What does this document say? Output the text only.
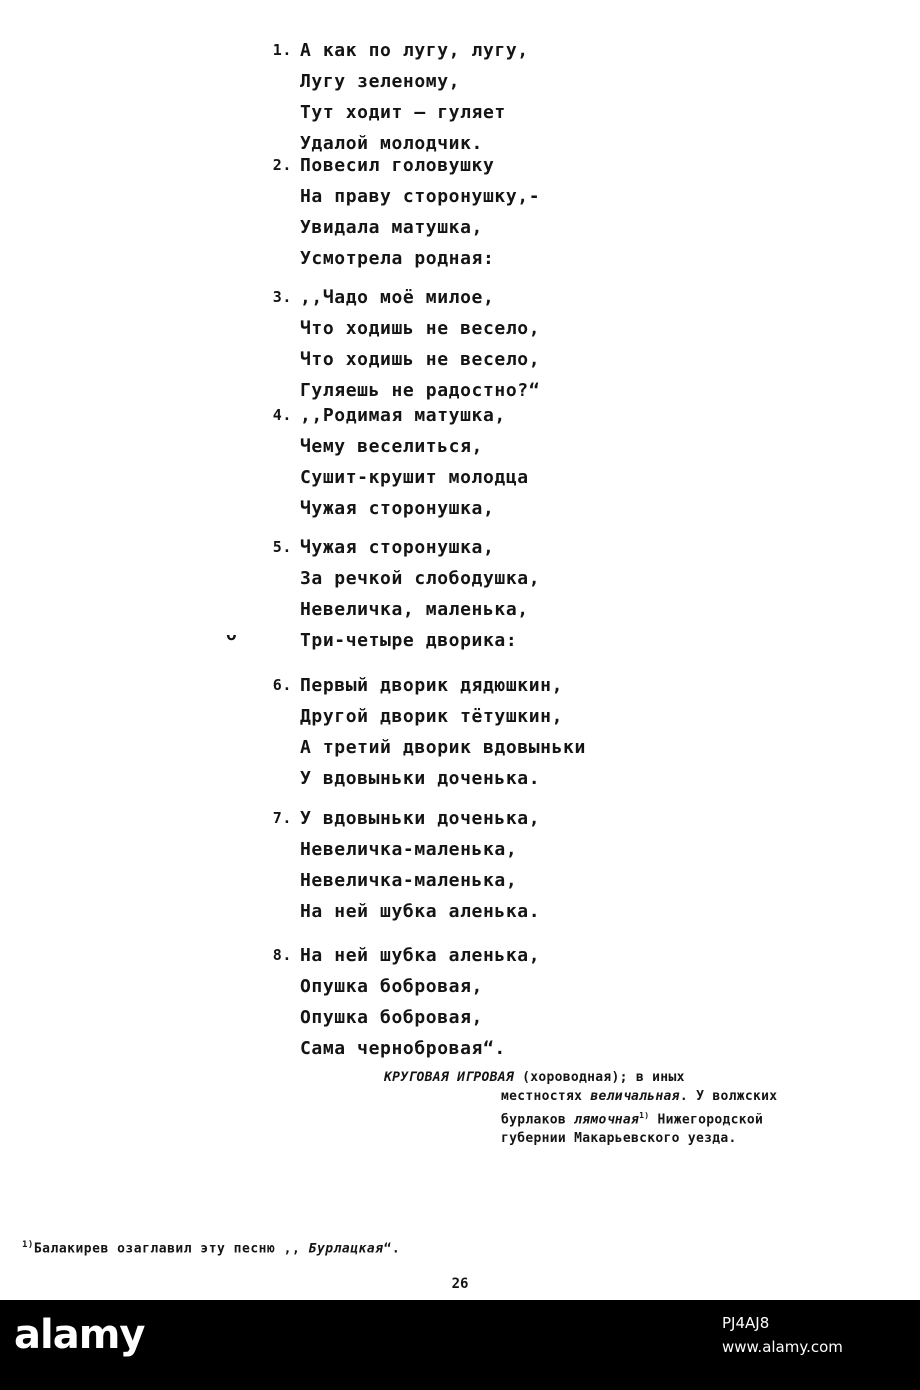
1. А как по лугу, лугу,
Лугу зеленому,
Тут ходит – гуляет
Удалой молодчик.
2. Повесил головушку
На праву сторонушку,-
Увидала матушка,
Усмотрела родная:
3. ,,Чадо моё милое,
Что ходишь не весело,
Что ходишь не весело,
Гуляешь не радостно?“
4. ,,Родимая матушка,
Чему веселиться,
Сушит-крушит молодца
Чужая сторонушка,
5. Чужая сторонушка,
За речкой слободушка,
Невеличка, маленька,
Три-четыре дворика:
6. Первый дворик дядюшкин,
Другой дворик тётушкин,
А третий дворик вдовыньки
У вдовыньки доченька.
7. У вдовыньки доченька,
Невеличка-маленька,
Невеличка-маленька,
На ней шубка аленька.
8. На ней шубка аленька,
Опушка бобровая,
Опушка бобровая,
Сама чернобровая“.
ᴗ
КРУГОВАЯ ИГРОВАЯ (хороводная); в иных
местностях величальная. У волжских
бурлаков лямочная$^{1)}$ Нижегородской
губернии Макарьевского уезда.
$^{1)}$Балакирев озаглавил эту песню ,, Бурлацкая“.
26
alamy	PJ4AJ8
www.alamy.com
